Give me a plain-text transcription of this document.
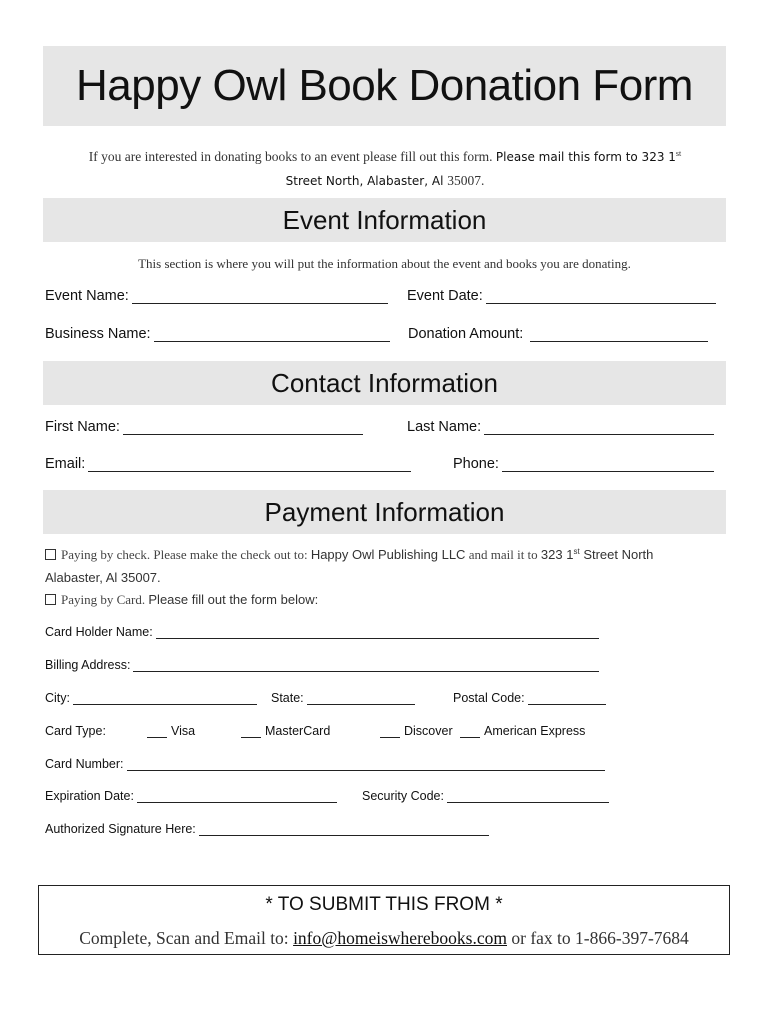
Happy Owl Book Donation Form
If you are interested in donating books to an event please fill out this form. Please mail this form to 323 1st
Street North, Alabaster, Al 35007.
Event Information
This section is where you will put the information about the event and books you are donating.
Event Name:	Event Date:
Business Name:	Donation Amount:
Contact Information
First Name:	Last Name:
Email:	Phone:
Payment Information
Paying by check. Please make the check out to: Happy Owl Publishing LLC and mail it to 323 1st Street North
Alabaster, Al 35007.
Paying by Card. Please fill out the form below:
Card Holder Name:
Billing Address:
City:	State:	Postal Code:
Card Type:	Visa	MasterCard	Discover	American Express
Card Number:
Expiration Date:	Security Code:
Authorized Signature Here:
* TO SUBMIT THIS FROM *
Complete, Scan and Email to: info@homeiswherebooks.com or fax to 1-866-397-7684
